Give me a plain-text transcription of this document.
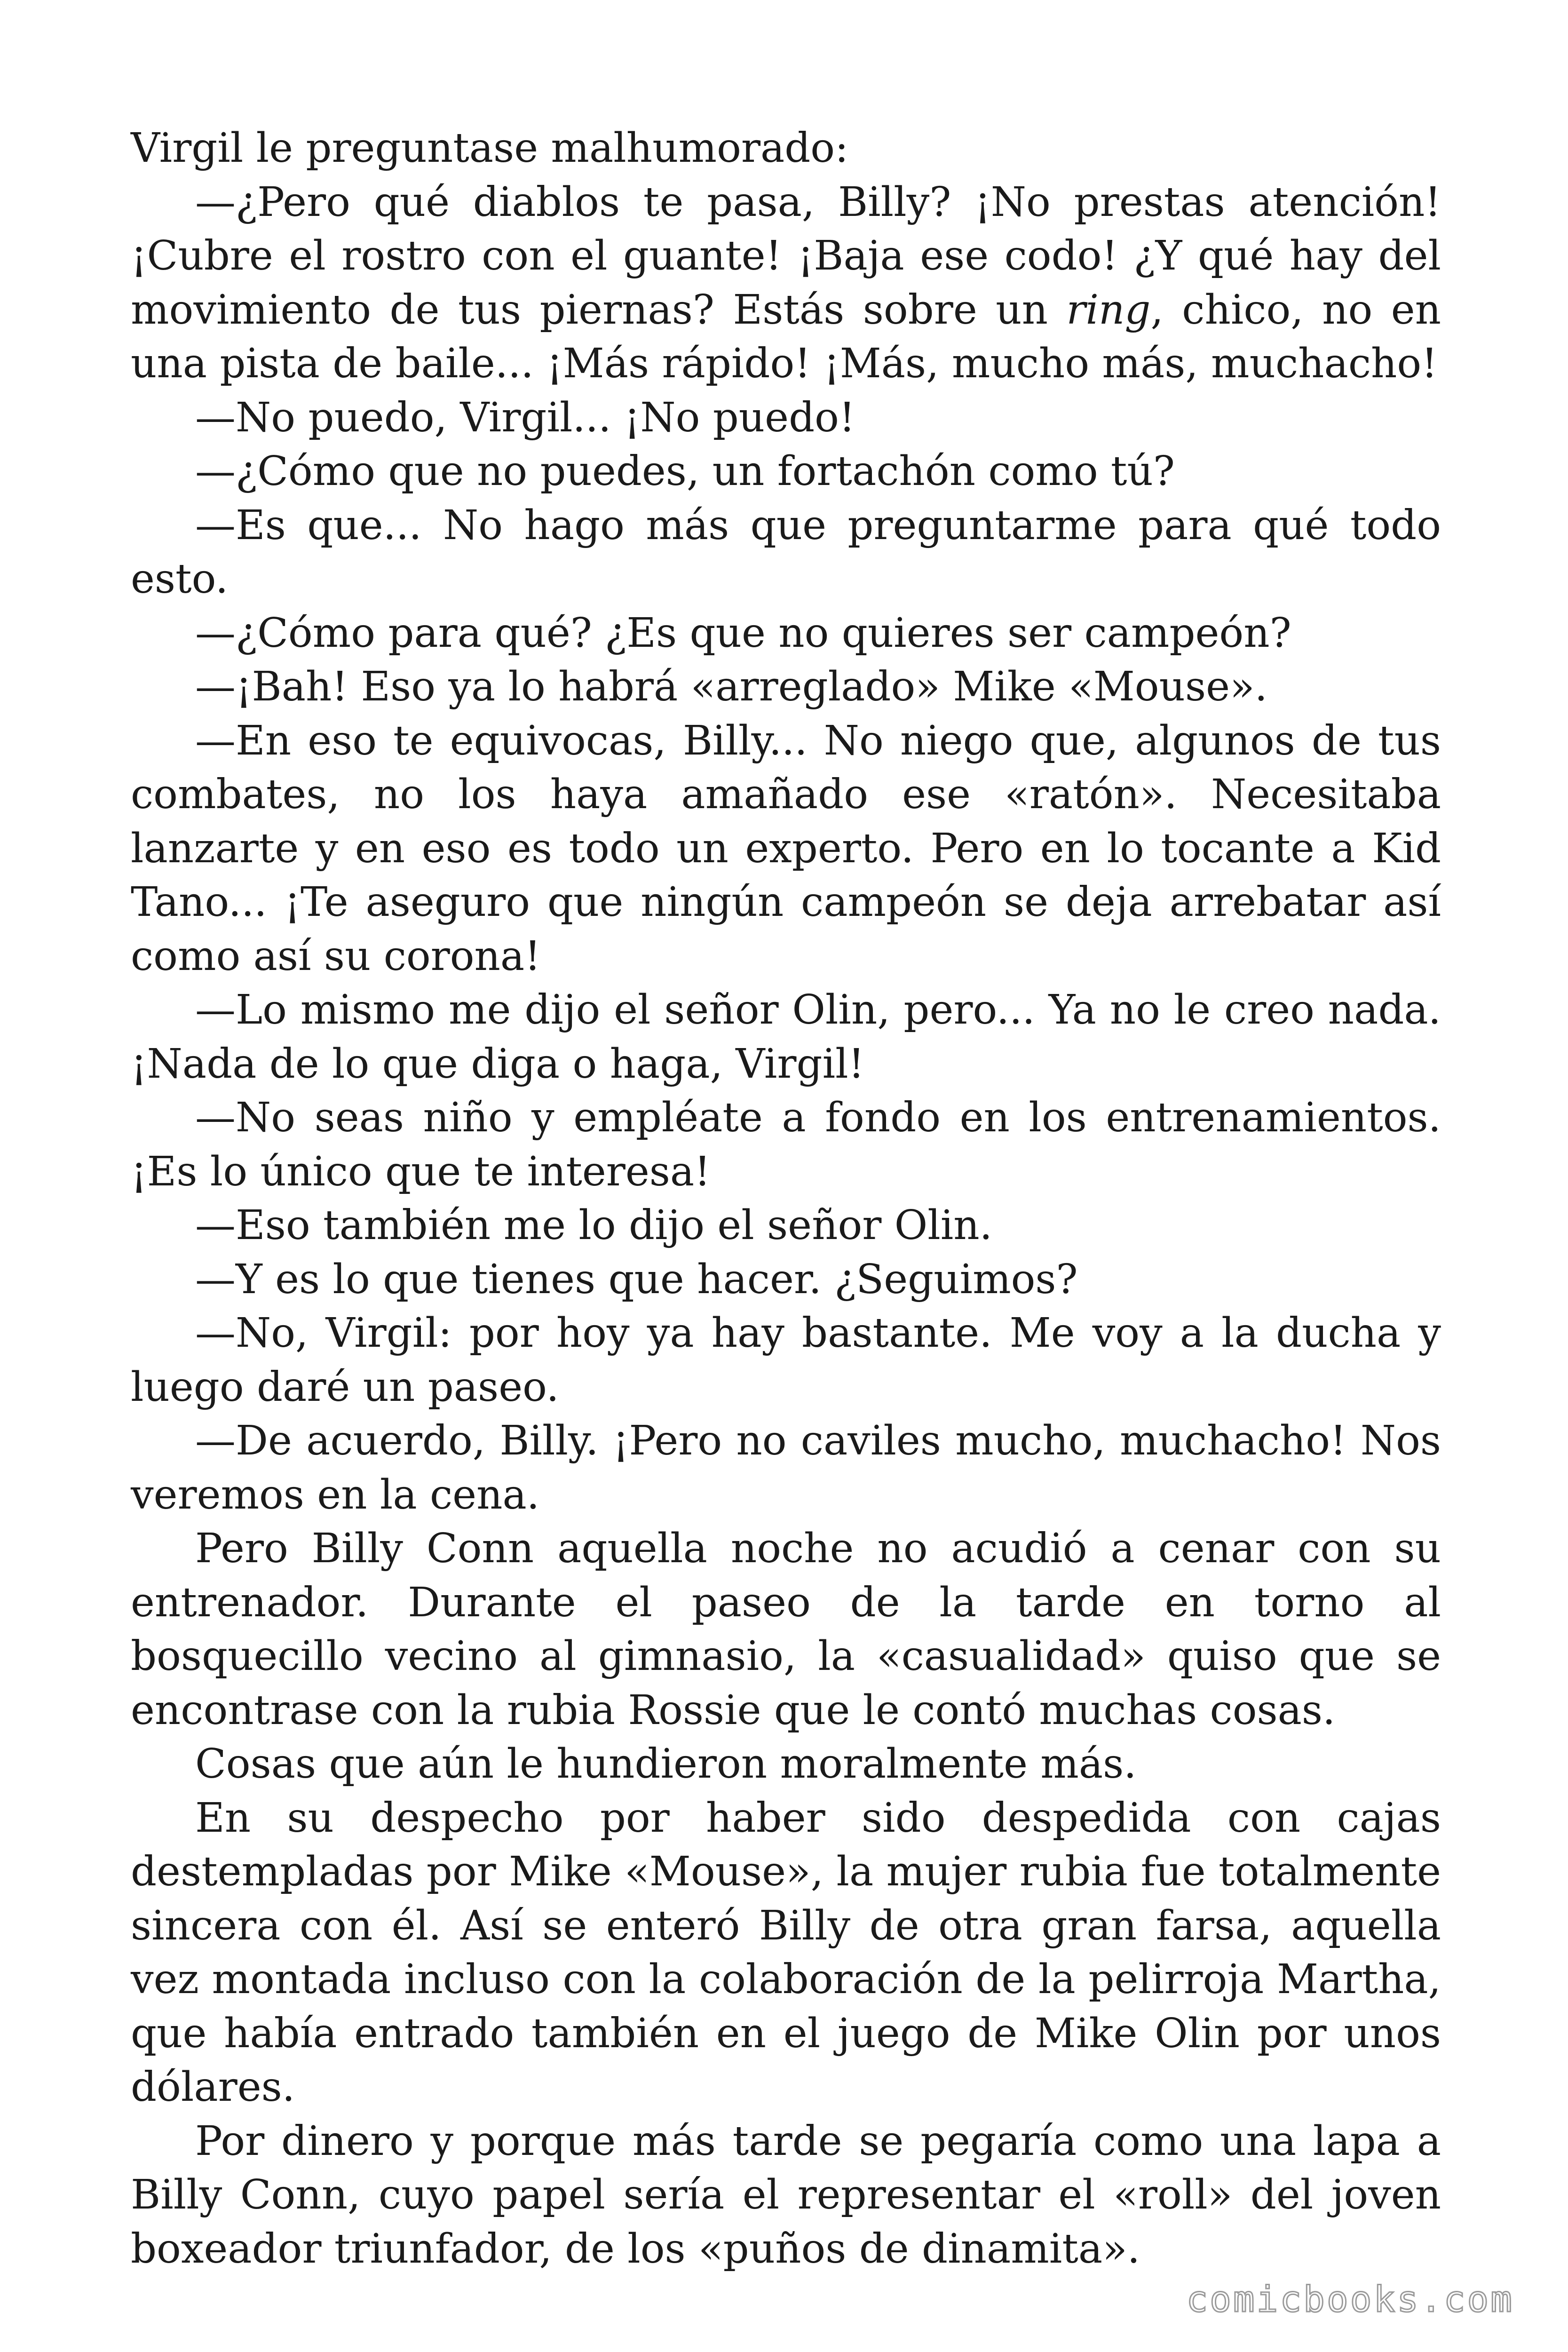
Virgil le preguntase malhumorado:

—¿Pero qué diablos te pasa, Billy? ¡No prestas atención! ¡Cubre el rostro con el guante! ¡Baja ese codo! ¿Y qué hay del movimiento de tus piernas? Estás sobre un ring, chico, no en una pista de baile... ¡Más rápido! ¡Más, mucho más, muchacho!

—No puedo, Virgil... ¡No puedo!

—¿Cómo que no puedes, un fortachón como tú?

—Es que... No hago más que preguntarme para qué todo esto.

—¿Cómo para qué? ¿Es que no quieres ser campeón?

—¡Bah! Eso ya lo habrá «arreglado» Mike «Mouse».

—En eso te equivocas, Billy... No niego que, algunos de tus combates, no los haya amañado ese «ratón». Necesitaba lanzarte y en eso es todo un experto. Pero en lo tocante a Kid Tano... ¡Te aseguro que ningún campeón se deja arrebatar así como así su corona!

—Lo mismo me dijo el señor Olin, pero... Ya no le creo nada. ¡Nada de lo que diga o haga, Virgil!

—No seas niño y empléate a fondo en los entrenamientos. ¡Es lo único que te interesa!

—Eso también me lo dijo el señor Olin.

—Y es lo que tienes que hacer. ¿Seguimos?

—No, Virgil: por hoy ya hay bastante. Me voy a la ducha y luego daré un paseo.

—De acuerdo, Billy. ¡Pero no caviles mucho, muchacho! Nos veremos en la cena.

Pero Billy Conn aquella noche no acudió a cenar con su entrenador. Durante el paseo de la tarde en torno al bosquecillo vecino al gimnasio, la «casualidad» quiso que se encontrase con la rubia Rossie que le contó muchas cosas.

Cosas que aún le hundieron moralmente más.

En su despecho por haber sido despedida con cajas destempladas por Mike «Mouse», la mujer rubia fue totalmente sincera con él. Así se enteró Billy de otra gran farsa, aquella vez montada incluso con la colaboración de la pelirroja Martha, que había entrado también en el juego de Mike Olin por unos dólares.

Por dinero y porque más tarde se pegaría como una lapa a Billy Conn, cuyo papel sería el representar el «roll» del joven boxeador triunfador, de los «puños de dinamita».

comicbooks.com
